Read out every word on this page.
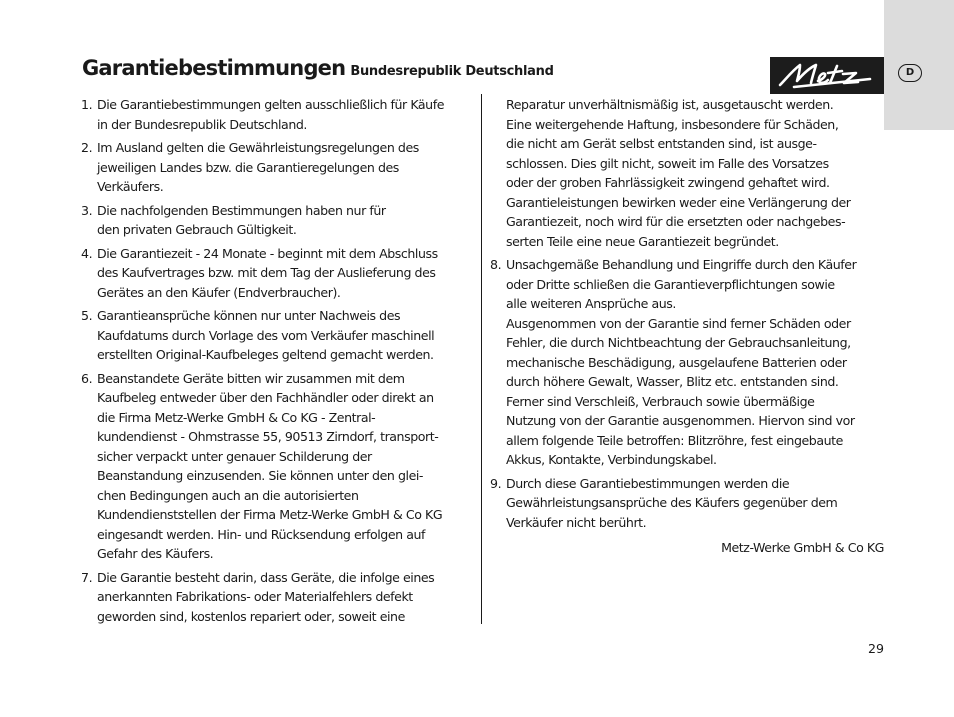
Garantiebestimmungen Bundesrepublik Deutschland	D
1. Die Garantiebestimmungen gelten ausschließlich für Käufe
in der Bundesrepublik Deutschland.
2. Im Ausland gelten die Gewährleistungsregelungen des
jeweiligen Landes bzw. die Garantieregelungen des
Verkäufers.
3. Die nachfolgenden Bestimmungen haben nur für
den privaten Gebrauch Gültigkeit.
4. Die Garantiezeit - 24 Monate - beginnt mit dem Abschluss
des Kaufvertrages bzw. mit dem Tag der Auslieferung des
Gerätes an den Käufer (Endverbraucher).
5. Garantieansprüche können nur unter Nachweis des
Kaufdatums durch Vorlage des vom Verkäufer maschinell
erstellten Original-Kaufbeleges geltend gemacht werden.
6. Beanstandete Geräte bitten wir zusammen mit dem
Kaufbeleg entweder über den Fachhändler oder direkt an
die Firma Metz-Werke GmbH & Co KG - Zentral-
kundendienst - Ohmstrasse 55, 90513 Zirndorf, transport-
sicher verpackt unter genauer Schilderung der
Beanstandung einzusenden. Sie können unter den glei-
chen Bedingungen auch an die autorisierten
Kundendienststellen der Firma Metz-Werke GmbH & Co KG
eingesandt werden. Hin- und Rücksendung erfolgen auf
Gefahr des Käufers.
7. Die Garantie besteht darin, dass Geräte, die infolge eines
anerkannten Fabrikations- oder Materialfehlers defekt
geworden sind, kostenlos repariert oder, soweit eine
Reparatur unverhältnismäßig ist, ausgetauscht werden.
Eine weitergehende Haftung, insbesondere für Schäden,
die nicht am Gerät selbst entstanden sind, ist ausge-
schlossen. Dies gilt nicht, soweit im Falle des Vorsatzes
oder der groben Fahrlässigkeit zwingend gehaftet wird.
Garantieleistungen bewirken weder eine Verlängerung der
Garantiezeit, noch wird für die ersetzten oder nachgebes-
serten Teile eine neue Garantiezeit begründet.
8. Unsachgemäße Behandlung und Eingriffe durch den Käufer
oder Dritte schließen die Garantieverpflichtungen sowie
alle weiteren Ansprüche aus.
Ausgenommen von der Garantie sind ferner Schäden oder
Fehler, die durch Nichtbeachtung der Gebrauchsanleitung,
mechanische Beschädigung, ausgelaufene Batterien oder
durch höhere Gewalt, Wasser, Blitz etc. entstanden sind.
Ferner sind Verschleiß, Verbrauch sowie übermäßige
Nutzung von der Garantie ausgenommen. Hiervon sind vor
allem folgende Teile betroffen: Blitzröhre, fest eingebaute
Akkus, Kontakte, Verbindungskabel.
9. Durch diese Garantiebestimmungen werden die
Gewährleistungsansprüche des Käufers gegenüber dem
Verkäufer nicht berührt.
Metz-Werke GmbH & Co KG
29
